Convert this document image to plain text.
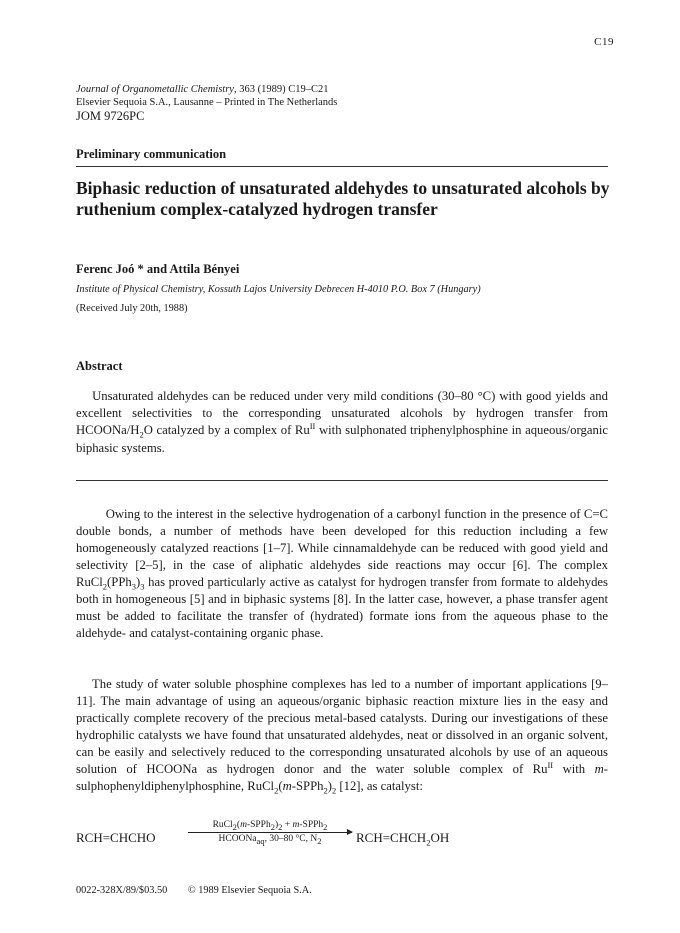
C19
Journal of Organometallic Chemistry, 363 (1989) C19–C21
Elsevier Sequoia S.A., Lausanne – Printed in The Netherlands

JOM 9726PC
Preliminary communication
Biphasic reduction of unsaturated aldehydes to unsaturated alcohols by ruthenium complex-catalyzed hydrogen transfer
Ferenc Joó * and Attila Bényei
Institute of Physical Chemistry, Kossuth Lajos University Debrecen H-4010 P.O. Box 7 (Hungary)
(Received July 20th, 1988)
Abstract
Unsaturated aldehydes can be reduced under very mild conditions (30–80 °C) with good yields and excellent selectivities to the corresponding unsaturated alcohols by hydrogen transfer from HCOONa/$H_2O$ catalyzed by a complex of $Ru^{II}$ with sulphonated triphenylphosphine in aqueous/organic biphasic systems.
Owing to the interest in the selective hydrogenation of a carbonyl function in the presence of C=C double bonds, a number of methods have been developed for this reduction including a few homogeneously catalyzed reactions [1–7]. While cinnamaldehyde can be reduced with good yield and selectivity [2–5], in the case of aliphatic aldehydes side reactions may occur [6]. The complex $RuCl_2(PPh_3)_3$ has proved particularly active as catalyst for hydrogen transfer from formate to aldehydes both in homogeneous [5] and in biphasic systems [8]. In the latter case, however, a phase transfer agent must be added to facilitate the transfer of (hydrated) formate ions from the aqueous phase to the aldehyde- and catalyst-containing organic phase.
The study of water soluble phosphine complexes has led to a number of important applications [9–11]. The main advantage of using an aqueous/organic biphasic reaction mixture lies in the easy and practically complete recovery of the precious metal-based catalysts. During our investigations of these hydrophilic catalysts we have found that unsaturated aldehydes, neat or dissolved in an organic solvent, can be easily and selectively reduced to the corresponding unsaturated alcohols by use of an aqueous solution of HCOONa as hydrogen donor and the water soluble complex of $Ru^{II}$ with m-sulphophenyldiphenylphosphine, $RuCl_2(m-SPPh_2)_2$ [12], as catalyst:
RCH=CHCHO
$RuCl_2(m-SPPh_2)_2$ + m-SPPh$_2$
HCOONa$_{aq}$, 30–80 °C, $N_2$	$RCH=CHCH_2OH$
0022-328X/89/$03.50 © 1989 Elsevier Sequoia S.A.
